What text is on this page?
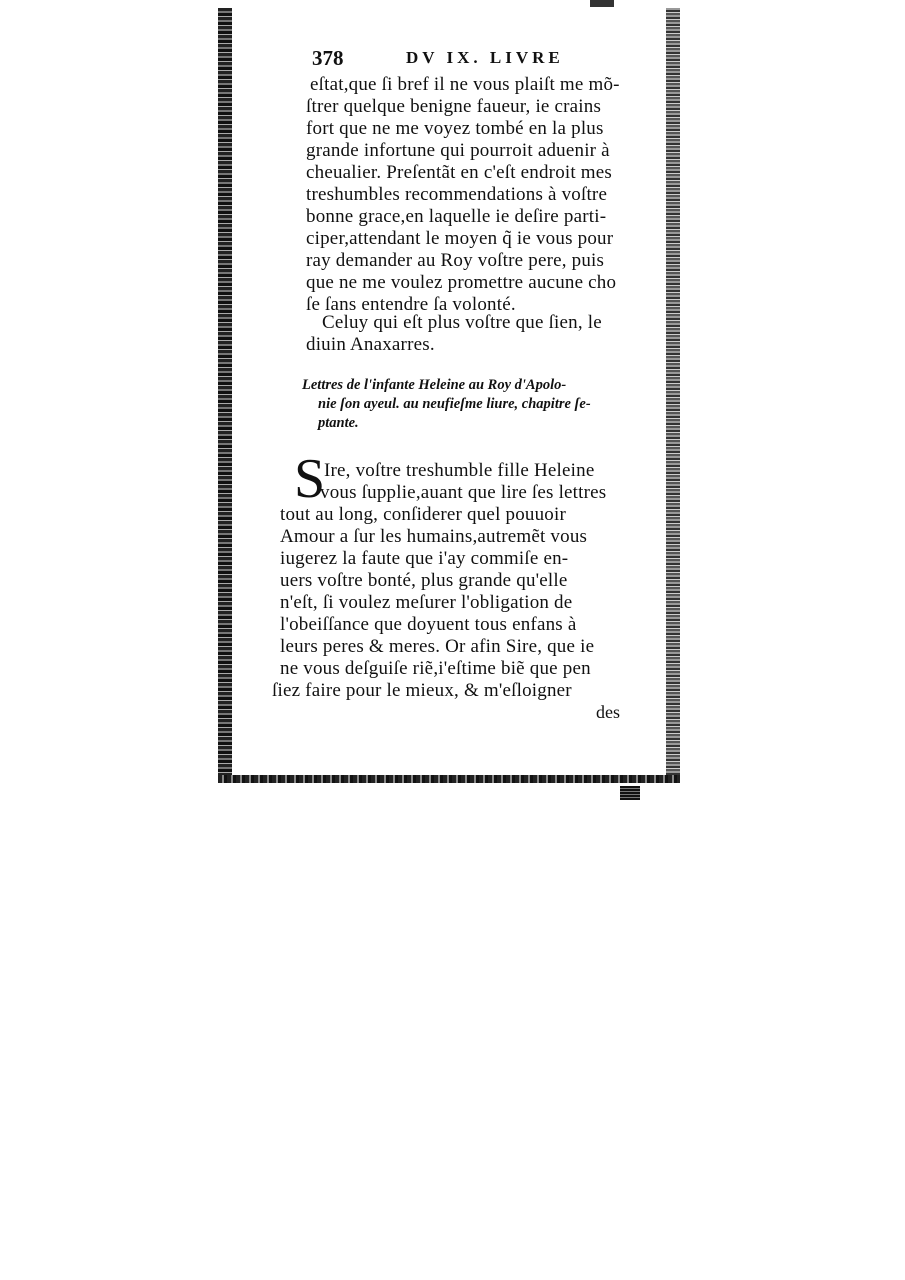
378	DV IX. LIVRE
eſtat,que ſi bref il ne vous plaiſt me mõ-
ſtrer quelque benigne faueur, ie crains
fort que ne me voyez tombé en la plus
grande infortune qui pourroit aduenir à
cheualier. Preſentãt en c'eſt endroit mes
treshumbles recommendations à voſtre
bonne grace,en laquelle ie deſire parti-
ciper,attendant le moyen q̃ ie vous pour
ray demander au Roy voſtre pere, puis
que ne me voulez promettre aucune cho
ſe ſans entendre ſa volonté.
Celuy qui eſt plus voſtre que ſien, le
diuin Anaxarres.
Lettres de l'infante Heleine au Roy d'Apolo-
nie ſon ayeul. au neufieſme liure, chapitre ſe-
ptante.
S
Ire, voſtre treshumble fille Heleine
vous ſupplie,auant que lire ſes lettres
tout au long, conſiderer quel pouuoir
Amour a ſur les humains,autremẽt vous
iugerez la faute que i'ay commiſe en-
uers voſtre bonté, plus grande qu'elle
n'eſt, ſi voulez meſurer l'obligation de
l'obeiſſance que doyuent tous enfans à
leurs peres & meres. Or afin Sire, que ie
ne vous deſguiſe riẽ,i'eſtime biẽ que pen
ſiez faire pour le mieux, & m'eſloigner
des
